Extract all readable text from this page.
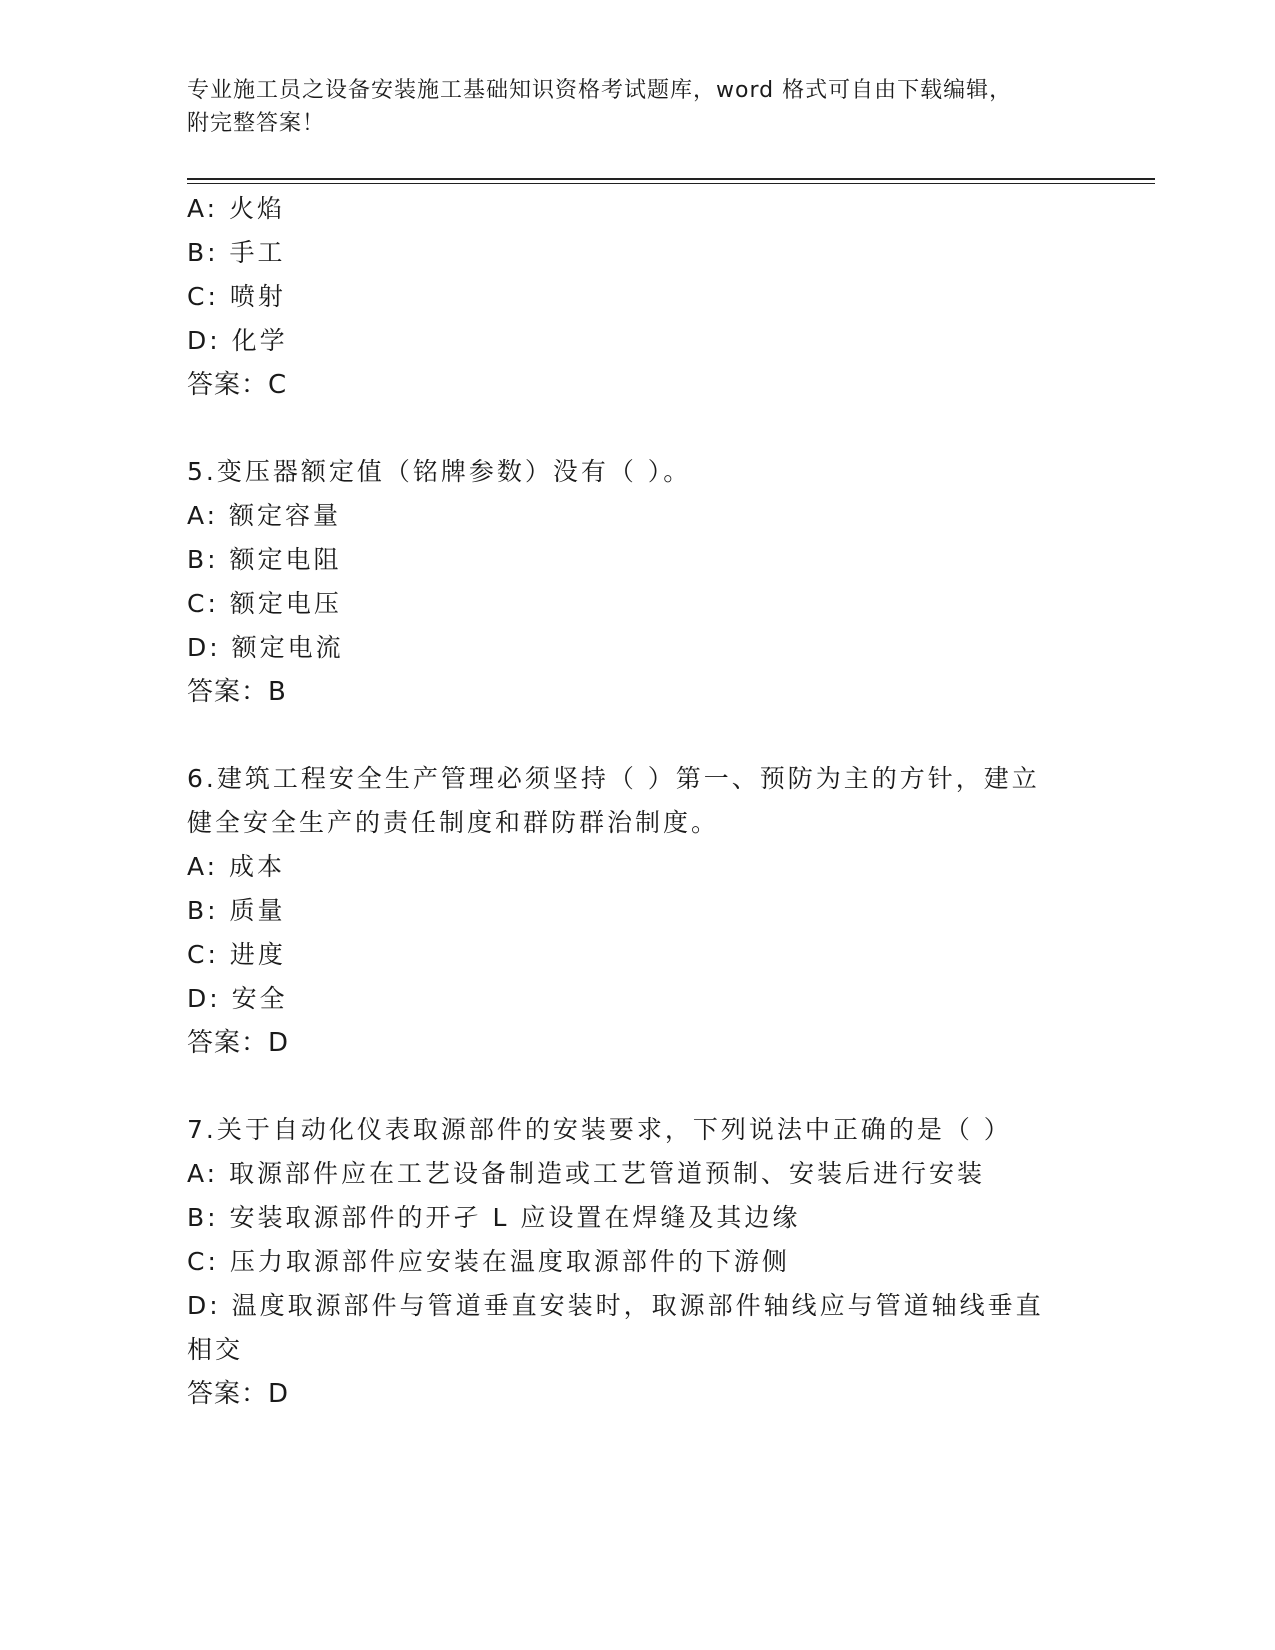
专业施工员之设备安装施工基础知识资格考试题库，word 格式可自由下载编辑，
附完整答案！
A: 火焰
B: 手工
C: 喷射
D: 化学
答案：C
5.变压器额定值（铭牌参数）没有（ ）。
A: 额定容量
B: 额定电阻
C: 额定电压
D: 额定电流
答案：B
6.建筑工程安全生产管理必须坚持（ ）第一、预防为主的方针，建立
健全安全生产的责任制度和群防群治制度。
A: 成本
B: 质量
C: 进度
D: 安全
答案：D
7.关于自动化仪表取源部件的安装要求，下列说法中正确的是（ ）
A: 取源部件应在工艺设备制造或工艺管道预制、安装后进行安装
B: 安装取源部件的开孑 L 应设置在焊缝及其边缘
C: 压力取源部件应安装在温度取源部件的下游侧
D: 温度取源部件与管道垂直安装时，取源部件轴线应与管道轴线垂直
相交
答案：D
